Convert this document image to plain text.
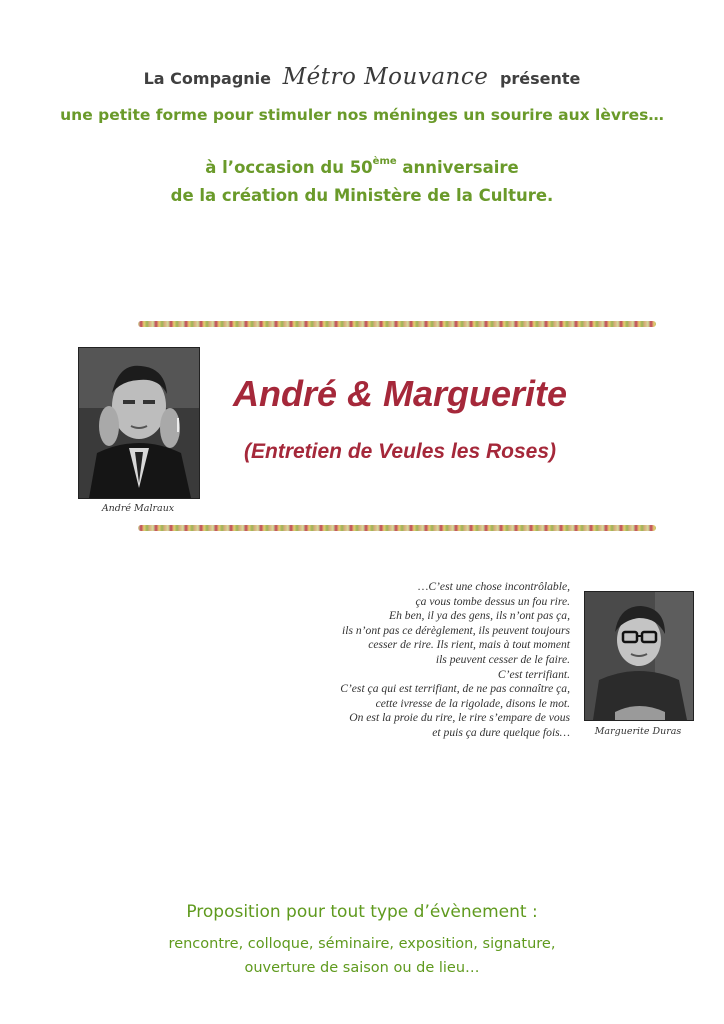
La Compagnie Métro Mouvance présente
une petite forme pour stimuler nos méninges un sourire aux lèvres…
à l’occasion du 50ème anniversaire
de la création du Ministère de la Culture.
André Malraux
André & Marguerite
(Entretien de Veules les Roses)
…C’est une chose incontrôlable,
ça vous tombe dessus un fou rire.
Eh ben, il ya des gens, ils n’ont pas ça,
ils n’ont pas ce dérèglement, ils peuvent toujours
cesser de rire. Ils rient, mais à tout moment
ils peuvent cesser de le faire.
C’est terrifiant.
C’est ça qui est terrifiant, de ne pas connaître ça,
cette ivresse de la rigolade, disons le mot.
On est la proie du rire, le rire s’empare de vous
et puis ça dure quelque fois…	Marguerite Duras
Proposition pour tout type d’évènement :
rencontre, colloque, séminaire, exposition, signature,
ouverture de saison ou de lieu…
